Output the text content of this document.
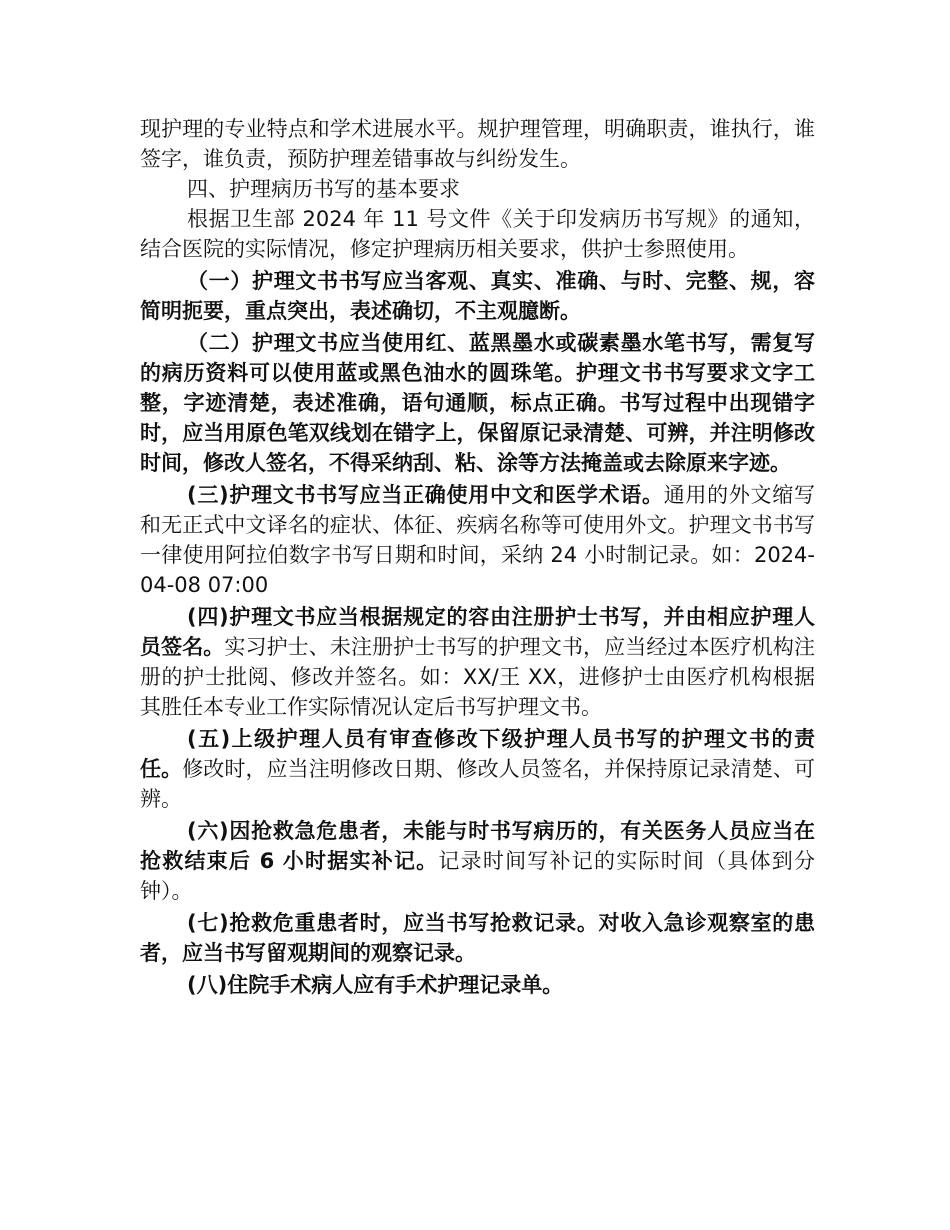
现护理的专业特点和学术进展水平。规护理管理，明确职责，谁执行，谁签字，谁负责，预防护理差错事故与纠纷发生。

四、护理病历书写的基本要求

根据卫生部 2024 年 11 号文件《关于印发病历书写规》的通知，结合医院的实际情况，修定护理病历相关要求，供护士参照使用。

（一）护理文书书写应当客观、真实、准确、与时、完整、规，容简明扼要，重点突出，表述确切，不主观臆断。

（二）护理文书应当使用红、蓝黑墨水或碳素墨水笔书写，需复写的病历资料可以使用蓝或黑色油水的圆珠笔。护理文书书写要求文字工整，字迹清楚，表述准确，语句通顺，标点正确。书写过程中出现错字时，应当用原色笔双线划在错字上，保留原记录清楚、可辨，并注明修改时间，修改人签名，不得采纳刮、粘、涂等方法掩盖或去除原来字迹。

(三)护理文书书写应当正确使用中文和医学术语。通用的外文缩写和无正式中文译名的症状、体征、疾病名称等可使用外文。护理文书书写一律使用阿拉伯数字书写日期和时间，采纳 24 小时制记录。如：2024-04-08 07:00

(四)护理文书应当根据规定的容由注册护士书写，并由相应护理人员签名。实习护士、未注册护士书写的护理文书，应当经过本医疗机构注册的护士批阅、修改并签名。如：XX/王 XX，进修护士由医疗机构根据其胜任本专业工作实际情况认定后书写护理文书。

(五)上级护理人员有审查修改下级护理人员书写的护理文书的责任。修改时，应当注明修改日期、修改人员签名，并保持原记录清楚、可辨。

(六)因抢救急危患者，未能与时书写病历的，有关医务人员应当在抢救结束后 6 小时据实补记。记录时间写补记的实际时间（具体到分钟）。

(七)抢救危重患者时，应当书写抢救记录。对收入急诊观察室的患者，应当书写留观期间的观察记录。

(八)住院手术病人应有手术护理记录单。
